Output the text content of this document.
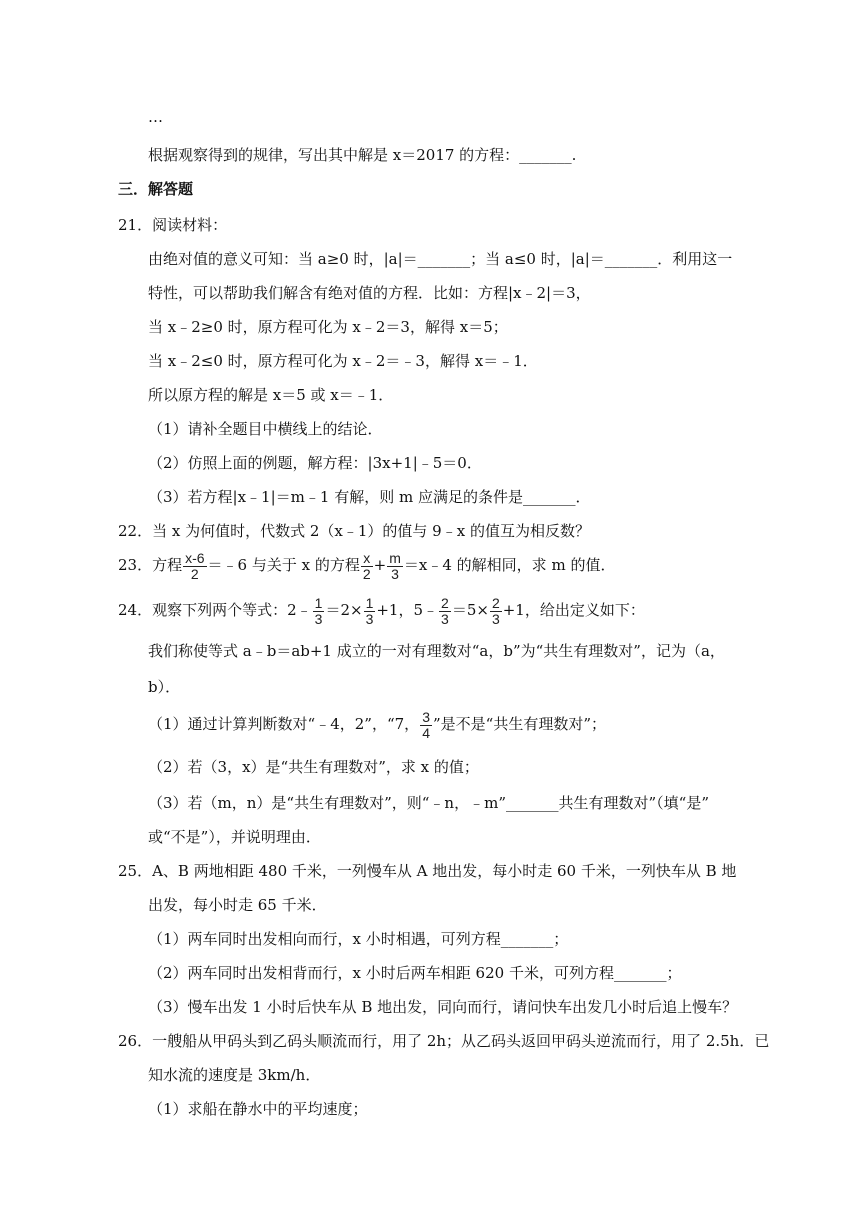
…
根据观察得到的规律，写出其中解是 x＝2017 的方程：_______.
三．解答题
21．阅读材料：
由绝对值的意义可知：当 a≥0 时，|a|＝_______；当 a≤0 时，|a|＝_______．利用这一
特性，可以帮助我们解含有绝对值的方程．比如：方程|x﹣2|＝3，
当 x﹣2≥0 时，原方程可化为 x﹣2＝3，解得 x＝5；
当 x﹣2≤0 时，原方程可化为 x﹣2＝﹣3，解得 x＝﹣1．
所以原方程的解是 x＝5 或 x＝﹣1．
（1）请补全题目中横线上的结论．
（2）仿照上面的例题，解方程：|3x+1|﹣5＝0．
（3）若方程|x﹣1|＝m﹣1 有解，则 m 应满足的条件是_______．
22．当 x 为何值时，代数式 2（x﹣1）的值与 9﹣x 的值互为相反数？
23．方程 $\frac{x-6}{2}$ ＝﹣6 与关于 x 的方程 $\frac{x}{2} + \frac{m}{3}$ ＝x﹣4 的解相同，求 m 的值．
24．观察下列两个等式：2﹣ $\frac{1}{3} =2\times \frac{1}{3} +1$，5﹣ $\frac{2}{3} =5\times \frac{2}{3} +1$，给出定义如下：
我们称使等式 a﹣b＝ab+1 成立的一对有理数对“a，b”为“共生有理数对”，记为（a，
b）．
（1）通过计算判断数对“﹣4，2”，“7， $\frac{3}{4}$ ”是不是“共生有理数对”；
（2）若（3，x）是“共生有理数对”，求 x 的值；
（3）若（m，n）是“共生有理数对”，则“﹣n，﹣m”_______共生有理数对”（填“是”
或“不是”），并说明理由．
25．A、B 两地相距 480 千米，一列慢车从 A 地出发，每小时走 60 千米，一列快车从 B 地
出发，每小时走 65 千米．
（1）两车同时出发相向而行，x 小时相遇，可列方程_______；
（2）两车同时出发相背而行，x 小时后两车相距 620 千米，可列方程_______；
（3）慢车出发 1 小时后快车从 B 地出发，同向而行，请问快车出发几小时后追上慢车？
26．一艘船从甲码头到乙码头顺流而行，用了 2h；从乙码头返回甲码头逆流而行，用了 2.5h．已
知水流的速度是 3km/h．
（1）求船在静水中的平均速度；
